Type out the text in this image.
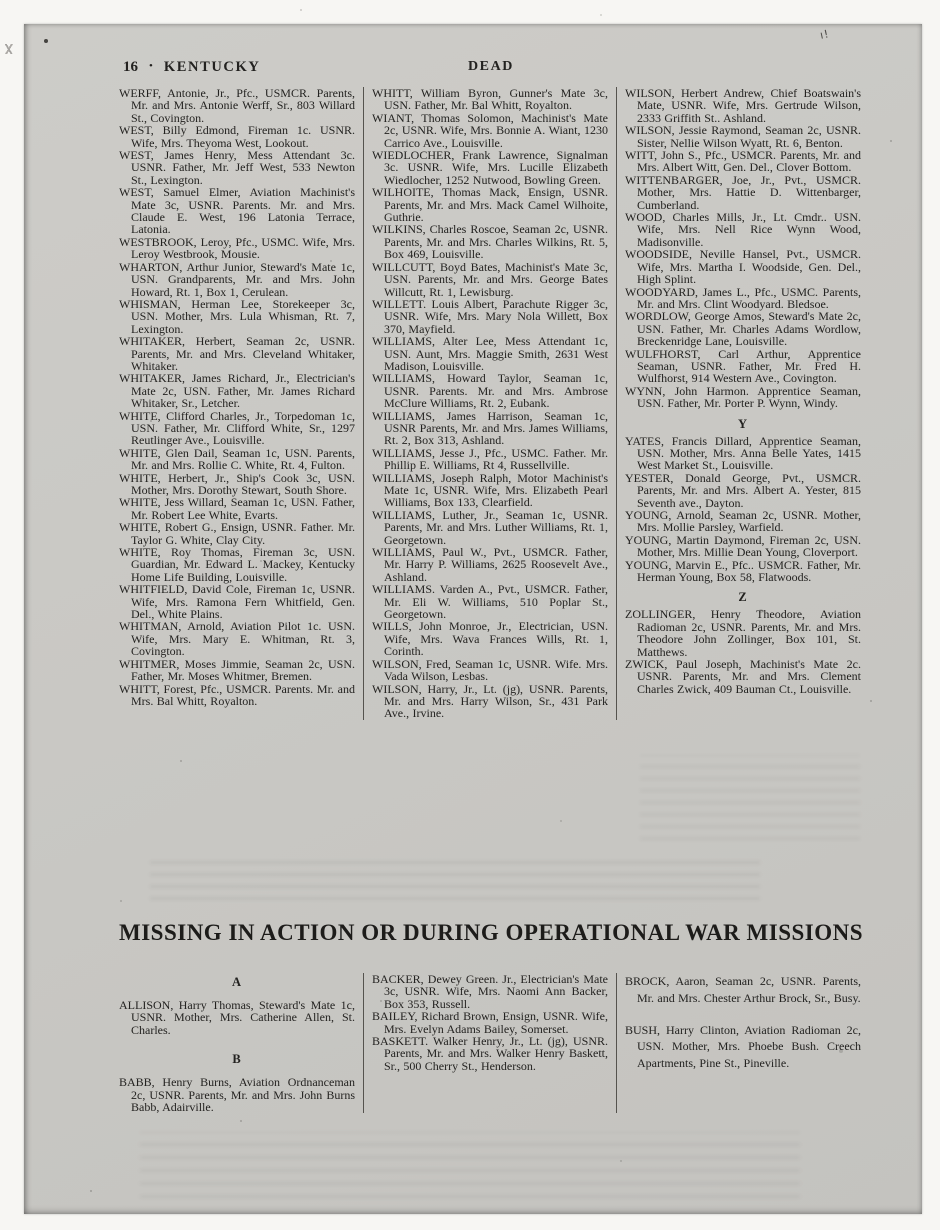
ı!
16 • KENTUCKY	DEAD
WERFF, Antonie, Jr., Pfc., USMCR. Parents, Mr. and Mrs. Antonie Werff, Sr., 803 Willard St., Covington.
WEST, Billy Edmond, Fireman 1c. USNR. Wife, Mrs. Theyoma West, Lookout.
WEST, James Henry, Mess Attendant 3c. USNR. Father, Mr. Jeff West, 533 Newton St., Lexington.
WEST, Samuel Elmer, Aviation Machinist's Mate 3c, USNR. Parents. Mr. and Mrs. Claude E. West, 196 Latonia Terrace, Latonia.
WESTBROOK, Leroy, Pfc., USMC. Wife, Mrs. Leroy Westbrook, Mousie.
WHARTON, Arthur Junior, Steward's Mate 1c, USN. Grandparents, Mr. and Mrs. John Howard, Rt. 1, Box 1, Cerulean.
WHISMAN, Herman Lee, Storekeeper 3c, USN. Mother, Mrs. Lula Whisman, Rt. 7, Lexington.
WHITAKER, Herbert, Seaman 2c, USNR. Parents, Mr. and Mrs. Cleveland Whitaker, Whitaker.
WHITAKER, James Richard, Jr., Electrician's Mate 2c, USN. Father, Mr. James Richard Whitaker, Sr., Letcher.
WHITE, Clifford Charles, Jr., Torpedoman 1c, USN. Father, Mr. Clifford White, Sr., 1297 Reutlinger Ave., Louisville.
WHITE, Glen Dail, Seaman 1c, USN. Parents, Mr. and Mrs. Rollie C. White, Rt. 4, Fulton.
WHITE, Herbert, Jr., Ship's Cook 3c, USN. Mother, Mrs. Dorothy Stewart, South Shore.
WHITE, Jess Willard, Seaman 1c, USN. Father, Mr. Robert Lee White, Evarts.
WHITE, Robert G., Ensign, USNR. Father. Mr. Taylor G. White, Clay City.
WHITE, Roy Thomas, Fireman 3c, USN. Guardian, Mr. Edward L. Mackey, Kentucky Home Life Building, Louisville.
WHITFIELD, David Cole, Fireman 1c, USNR. Wife, Mrs. Ramona Fern Whitfield, Gen. Del., White Plains.
WHITMAN, Arnold, Aviation Pilot 1c. USN. Wife, Mrs. Mary E. Whitman, Rt. 3, Covington.
WHITMER, Moses Jimmie, Seaman 2c, USN. Father, Mr. Moses Whitmer, Bremen.
WHITT, Forest, Pfc., USMCR. Parents. Mr. and Mrs. Bal Whitt, Royalton.
WHITT, William Byron, Gunner's Mate 3c, USN. Father, Mr. Bal Whitt, Royalton.
WIANT, Thomas Solomon, Machinist's Mate 2c, USNR. Wife, Mrs. Bonnie A. Wiant, 1230 Carrico Ave., Louisville.
WIEDLOCHER, Frank Lawrence, Signalman 3c. USNR. Wife, Mrs. Lucille Elizabeth Wiedlocher, 1252 Nutwood, Bowling Green.
WILHOITE, Thomas Mack, Ensign, USNR. Parents, Mr. and Mrs. Mack Camel Wilhoite, Guthrie.
WILKINS, Charles Roscoe, Seaman 2c, USNR. Parents, Mr. and Mrs. Charles Wilkins, Rt. 5, Box 469, Louisville.
WILLCUTT, Boyd Bates, Machinist's Mate 3c, USN. Parents, Mr. and Mrs. George Bates Willcutt, Rt. 1, Lewisburg.
WILLETT. Louis Albert, Parachute Rigger 3c, USNR. Wife, Mrs. Mary Nola Willett, Box 370, Mayfield.
WILLIAMS, Alter Lee, Mess Attendant 1c, USN. Aunt, Mrs. Maggie Smith, 2631 West Madison, Louisville.
WILLIAMS, Howard Taylor, Seaman 1c, USNR. Parents. Mr. and Mrs. Ambrose McClure Williams, Rt. 2, Eubank.
WILLIAMS, James Harrison, Seaman 1c, USNR Parents, Mr. and Mrs. James Williams, Rt. 2, Box 313, Ashland.
WILLIAMS, Jesse J., Pfc., USMC. Father. Mr. Phillip E. Williams, Rt 4, Russellville.
WILLIAMS, Joseph Ralph, Motor Machinist's Mate 1c, USNR. Wife, Mrs. Elizabeth Pearl Williams, Box 133, Clearfield.
WILLIAMS, Luther, Jr., Seaman 1c, USNR. Parents, Mr. and Mrs. Luther Williams, Rt. 1, Georgetown.
WILLIAMS, Paul W., Pvt., USMCR. Father, Mr. Harry P. Williams, 2625 Roosevelt Ave., Ashland.
WILLIAMS. Varden A., Pvt., USMCR. Father, Mr. Eli W. Williams, 510 Poplar St., Georgetown.
WILLS, John Monroe, Jr., Electrician, USN. Wife, Mrs. Wava Frances Wills, Rt. 1, Corinth.
WILSON, Fred, Seaman 1c, USNR. Wife. Mrs. Vada Wilson, Lesbas.
WILSON, Harry, Jr., Lt. (jg), USNR. Parents, Mr. and Mrs. Harry Wilson, Sr., 431 Park Ave., Irvine.
WILSON, Herbert Andrew, Chief Boatswain's Mate, USNR. Wife, Mrs. Gertrude Wilson, 2333 Griffith St.. Ashland.
WILSON, Jessie Raymond, Seaman 2c, USNR. Sister, Nellie Wilson Wyatt, Rt. 6, Benton.
WITT, John S., Pfc., USMCR. Parents, Mr. and Mrs. Albert Witt, Gen. Del., Clover Bottom.
WITTENBARGER, Joe, Jr., Pvt., USMCR. Mother, Mrs. Hattie D. Wittenbarger, Cumberland.
WOOD, Charles Mills, Jr., Lt. Cmdr.. USN. Wife, Mrs. Nell Rice Wynn Wood, Madisonville.
WOODSIDE, Neville Hansel, Pvt., USMCR. Wife, Mrs. Martha I. Woodside, Gen. Del., High Splint.
WOODYARD, James L., Pfc., USMC. Parents, Mr. and Mrs. Clint Woodyard. Bledsoe.
WORDLOW, George Amos, Steward's Mate 2c, USN. Father, Mr. Charles Adams Wordlow, Breckenridge Lane, Louisville.
WULFHORST, Carl Arthur, Apprentice Seaman, USNR. Father, Mr. Fred H. Wulfhorst, 914 Western Ave., Covington.
WYNN, John Harmon. Apprentice Seaman, USN. Father, Mr. Porter P. Wynn, Windy.
Y
YATES, Francis Dillard, Apprentice Seaman, USN. Mother, Mrs. Anna Belle Yates, 1415 West Market St., Louisville.
YESTER, Donald George, Pvt., USMCR. Parents, Mr. and Mrs. Albert A. Yester, 815 Seventh ave., Dayton.
YOUNG, Arnold, Seaman 2c, USNR. Mother, Mrs. Mollie Parsley, Warfield.
YOUNG, Martin Daymond, Fireman 2c, USN. Mother, Mrs. Millie Dean Young, Cloverport.
YOUNG, Marvin E., Pfc.. USMCR. Father, Mr. Herman Young, Box 58, Flatwoods.
Z
ZOLLINGER, Henry Theodore, Aviation Radioman 2c, USNR. Parents, Mr. and Mrs. Theodore John Zollinger, Box 101, St. Matthews.
ZWICK, Paul Joseph, Machinist's Mate 2c. USNR. Parents, Mr. and Mrs. Clement Charles Zwick, 409 Bauman Ct., Louisville.
MISSING IN ACTION OR DURING OPERATIONAL WAR MISSIONS
A
ALLISON, Harry Thomas, Steward's Mate 1c, USNR. Mother, Mrs. Catherine Allen, St. Charles.
B
BABB, Henry Burns, Aviation Ordnanceman 2c, USNR. Parents, Mr. and Mrs. John Burns Babb, Adairville.
BACKER, Dewey Green. Jr., Electrician's Mate 3c, USNR. Wife, Mrs. Naomi Ann Backer, Box 353, Russell.
BAILEY, Richard Brown, Ensign, USNR. Wife, Mrs. Evelyn Adams Bailey, Somerset.
BASKETT. Walker Henry, Jr., Lt. (jg), USNR. Parents, Mr. and Mrs. Walker Henry Baskett, Sr., 500 Cherry St., Henderson.
BROCK, Aaron, Seaman 2c, USNR. Parents, Mr. and Mrs. Chester Arthur Brock, Sr., Busy.
BUSH, Harry Clinton, Aviation Radioman 2c, USN. Mother, Mrs. Phoebe Bush. Creech Apartments, Pine St., Pineville.
